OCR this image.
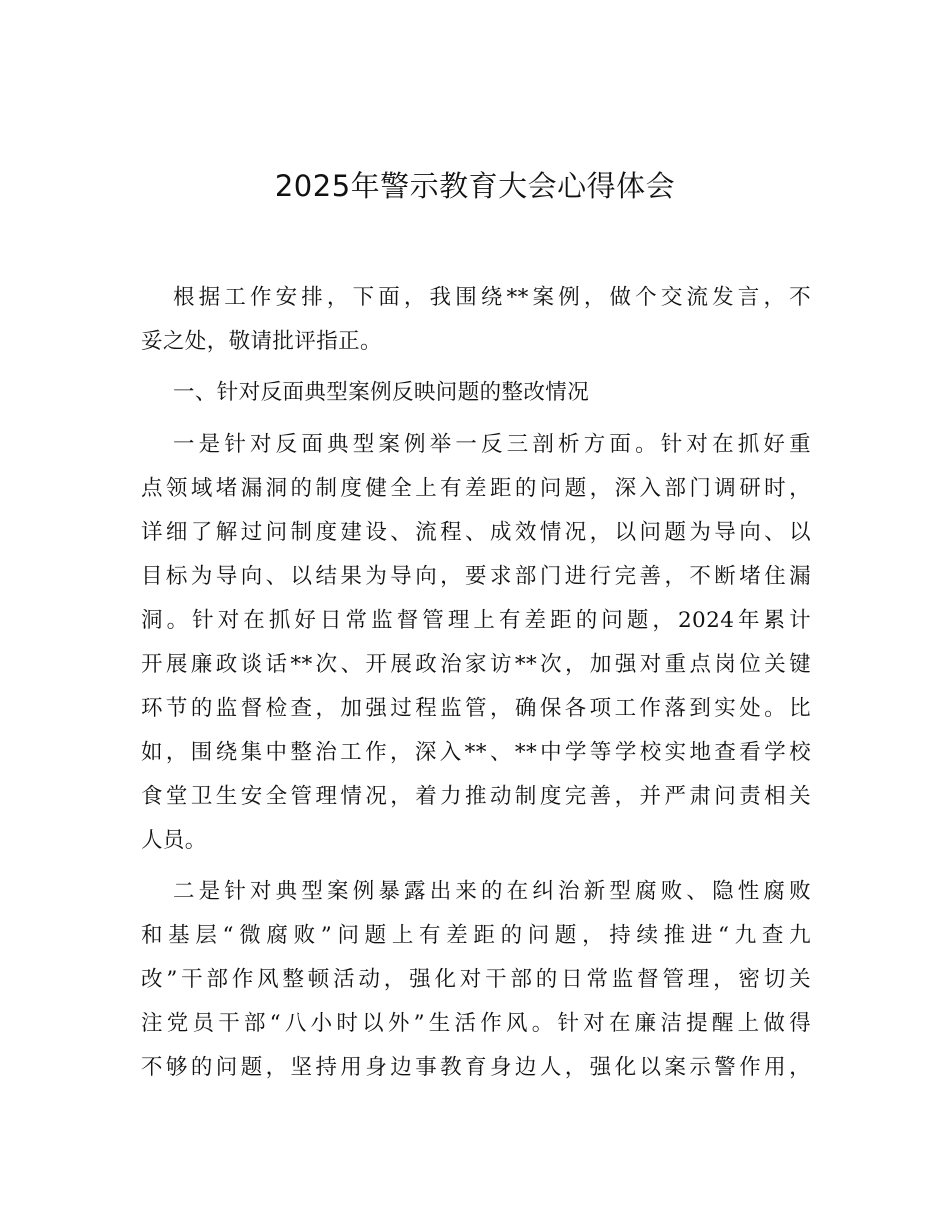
2025年警示教育大会心得体会
根据工作安排，下面，我围绕**案例，做个交流发言，不
妥之处，敬请批评指正。
一、针对反面典型案例反映问题的整改情况
一是针对反面典型案例举一反三剖析方面。针对在抓好重
点领域堵漏洞的制度健全上有差距的问题，深入部门调研时，
详细了解过问制度建设、流程、成效情况，以问题为导向、以
目标为导向、以结果为导向，要求部门进行完善，不断堵住漏
洞。针对在抓好日常监督管理上有差距的问题，2024年累计
开展廉政谈话**次、开展政治家访**次，加强对重点岗位关键
环节的监督检查，加强过程监管，确保各项工作落到实处。比
如，围绕集中整治工作，深入**、**中学等学校实地查看学校
食堂卫生安全管理情况，着力推动制度完善，并严肃问责相关
人员。
二是针对典型案例暴露出来的在纠治新型腐败、隐性腐败
和基层“微腐败”问题上有差距的问题，持续推进“九查九
改”干部作风整顿活动，强化对干部的日常监督管理，密切关
注党员干部“八小时以外”生活作风。针对在廉洁提醒上做得
不够的问题，坚持用身边事教育身边人，强化以案示警作用，
